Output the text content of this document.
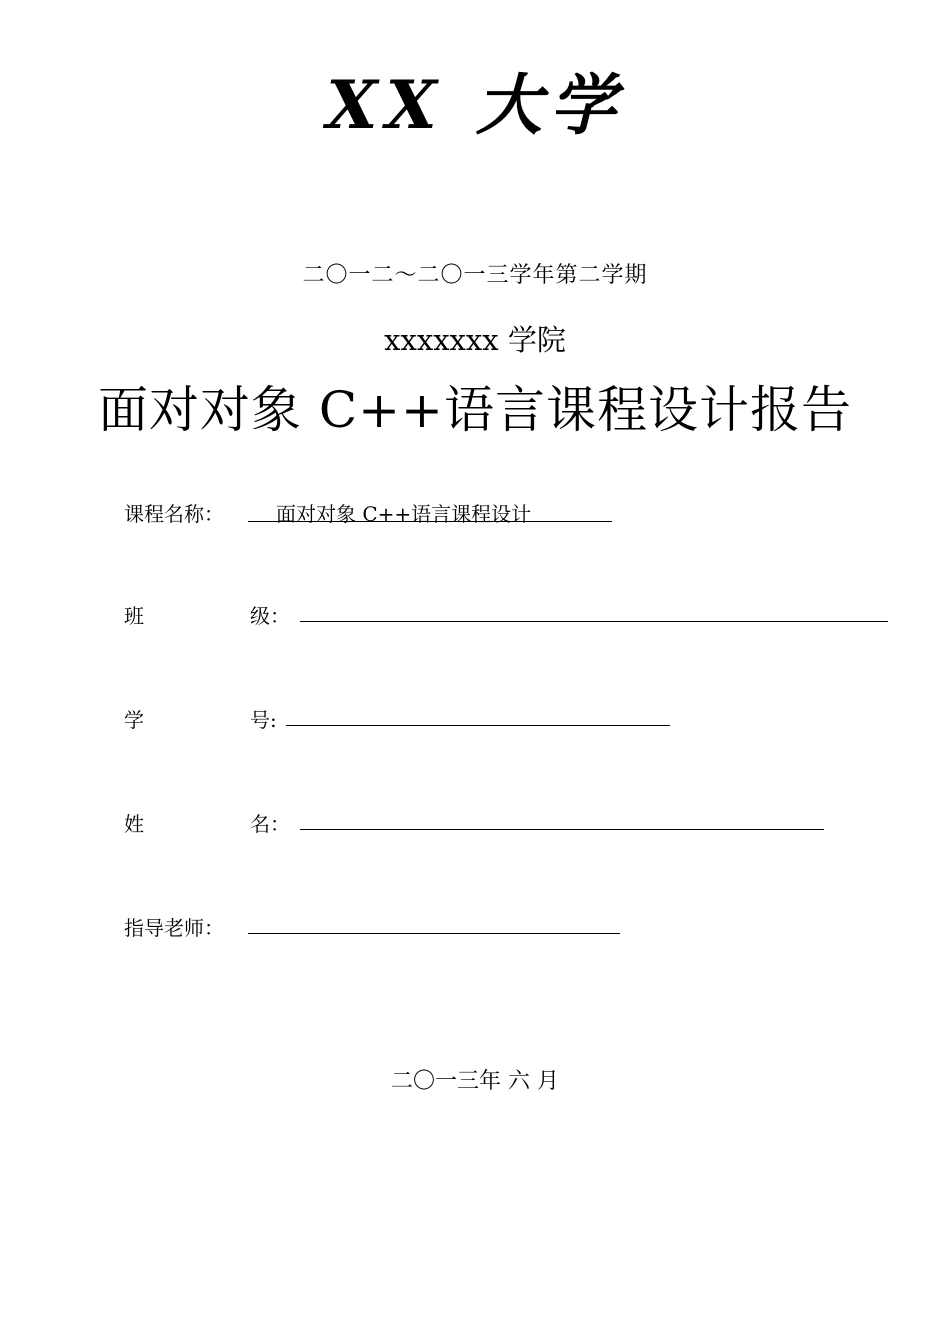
XX 大学
二〇一二～二〇一三学年第二学期
xxxxxxx 学院
面对对象 C++语言课程设计报告
课程名称：	面对对象 C++语言课程设计
班	级：
学	号:
姓	名：
指导老师：
二〇一三年 六 月
